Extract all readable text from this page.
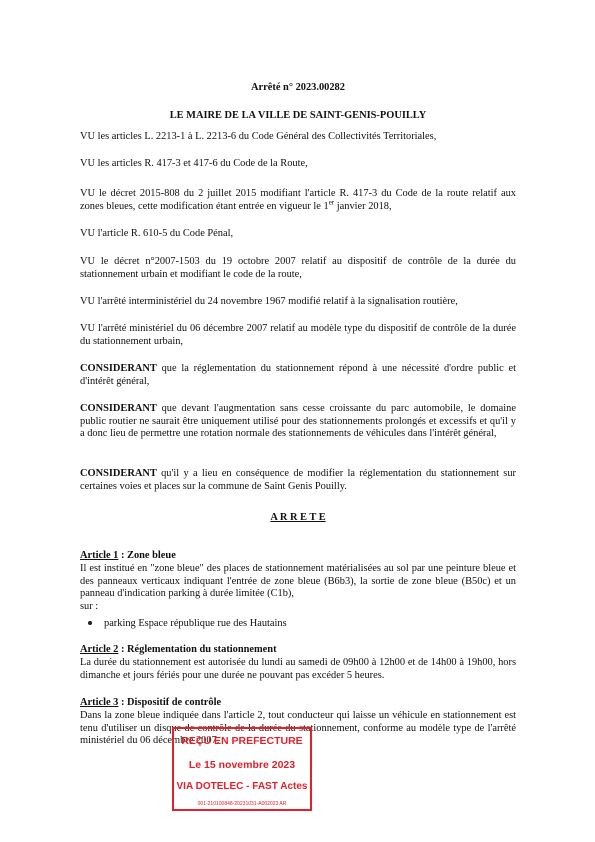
Arrêté n° 2023.00282

LE MAIRE DE LA VILLE DE SAINT-GENIS-POUILLY

VU les articles L. 2213-1 à L. 2213-6 du Code Général des Collectivités Territoriales,

VU les articles R. 417-3 et 417-6 du Code de la Route,

VU le décret 2015-808 du 2 juillet 2015 modifiant l'article R. 417-3 du Code de la route relatif aux zones bleues, cette modification étant entrée en vigueur le 1er janvier 2018,

VU l'article R. 610-5 du Code Pénal,

VU le décret n°2007-1503 du 19 octobre 2007 relatif au dispositif de contrôle de la durée du stationnement urbain et modifiant le code de la route,

VU l'arrêté interministériel du 24 novembre 1967 modifié relatif à la signalisation routière,

VU l'arrêté ministériel du 06 décembre 2007 relatif au modèle type du dispositif de contrôle de la durée du stationnement urbain,

CONSIDERANT que la réglementation du stationnement répond à une nécessité d'ordre public et d'intérêt général,

CONSIDERANT que devant l'augmentation sans cesse croissante du parc automobile, le domaine public routier ne saurait être uniquement utilisé pour des stationnements prolongés et excessifs et qu'il y a donc lieu de permettre une rotation normale des stationnements de véhicules dans l'intérêt général,

CONSIDERANT qu'il y a lieu en conséquence de modifier la réglementation du stationnement sur certaines voies et places sur la commune de Saint Genis Pouilly.

A R R E T E

Article 1 : Zone bleue

Il est institué en "zone bleue" des places de stationnement matérialisées au sol par une peinture bleue et des panneaux verticaux indiquant l'entrée de zone bleue (B6b3), la sortie de zone bleue (B50c) et un panneau d'indication parking à durée limitée (C1b),

sur :

parking Espace république rue des Hautains

Article 2 : Réglementation du stationnement

La durée du stationnement est autorisée du lundi au samedi de 09h00 à 12h00 et de 14h00 à 19h00, hors dimanche et jours fériés pour une durée ne pouvant pas excéder 5 heures.

Article 3 : Dispositif de contrôle

Dans la zone bleue indiquée dans l'article 2, tout conducteur qui laisse un véhicule en stationnement est tenu d'utiliser un disque de contrôle de la durée du stationnement, conforme au modèle type de l'arrêté ministériel du 06 décembre 2007.

REÇU EN PREFECTURE
Le 15 novembre 2023
VIA DOTELEC - FAST Actes
001-210100848-20231031-A002023 AR
